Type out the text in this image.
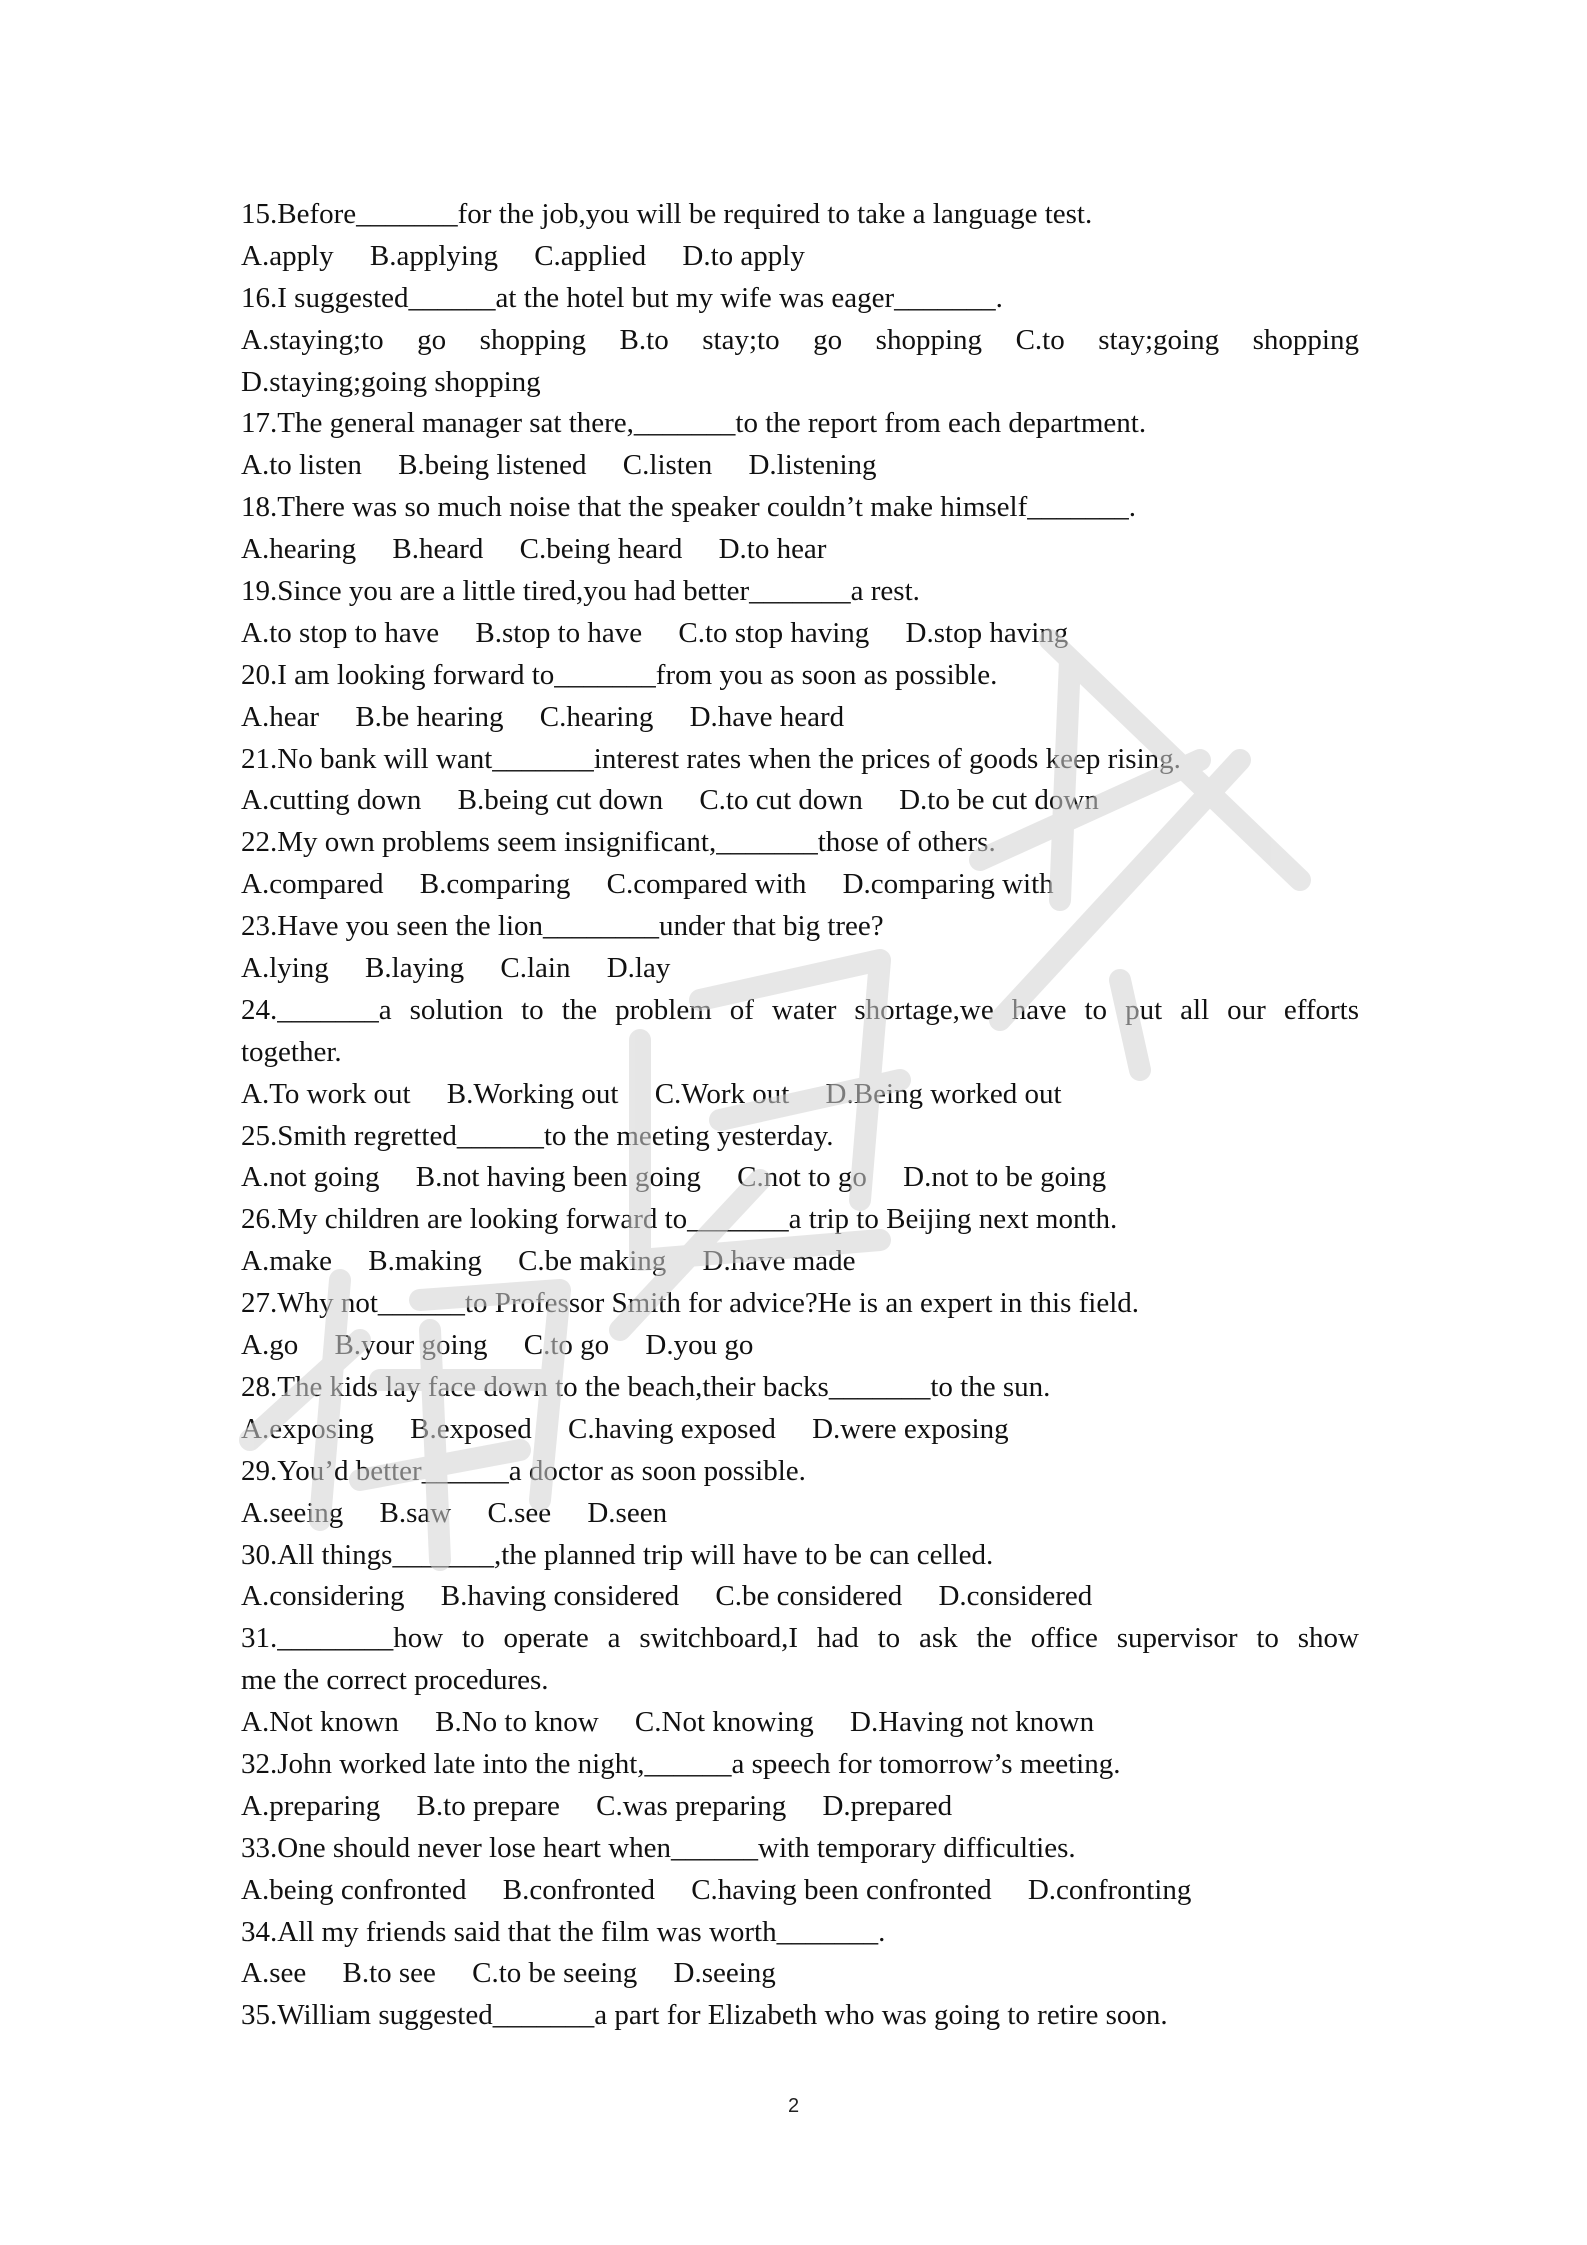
15.Before_______for the job,you will be required to take a language test.
A.apply     B.applying     C.applied     D.to apply
16.I suggested______at the hotel but my wife was eager_______.
A.staying;to go shopping B.to stay;to go shopping C.to stay;going shopping
D.staying;going shopping
17.The general manager sat there,_______to the report from each department.
A.to listen     B.being listened     C.listen     D.listening
18.There was so much noise that the speaker couldn’t make himself_______.
A.hearing     B.heard     C.being heard     D.to hear
19.Since you are a little tired,you had better_______a rest.
A.to stop to have     B.stop to have     C.to stop having     D.stop having
20.I am looking forward to_______from you as soon as possible.
A.hear     B.be hearing     C.hearing     D.have heard
21.No bank will want_______interest rates when the prices of goods keep rising.
A.cutting down     B.being cut down     C.to cut down     D.to be cut down
22.My own problems seem insignificant,_______those of others.
A.compared     B.comparing     C.compared with     D.comparing with
23.Have you seen the lion________under that big tree?
A.lying     B.laying     C.lain     D.lay
24._______a solution to the problem of water shortage,we have to put all our efforts
together.
A.To work out     B.Working out     C.Work out     D.Being worked out
25.Smith regretted______to the meeting yesterday.
A.not going     B.not having been going     C.not to go     D.not to be going
26.My children are looking forward to_______a trip to Beijing next month.
A.make     B.making     C.be making     D.have made
27.Why not______to Professor Smith for advice?He is an expert in this field.
A.go     B.your going     C.to go     D.you go
28.The kids lay face down to the beach,their backs_______to the sun.
A.exposing     B.exposed     C.having exposed     D.were exposing
29.You’d better______a doctor as soon possible.
A.seeing     B.saw     C.see     D.seen
30.All things_______,the planned trip will have to be can celled.
A.considering     B.having considered     C.be considered     D.considered
31.________how to operate a switchboard,I had to ask the office supervisor to show
me the correct procedures.
A.Not known     B.No to know     C.Not knowing     D.Having not known
32.John worked late into the night,______a speech for tomorrow’s meeting.
A.preparing     B.to prepare     C.was preparing     D.prepared
33.One should never lose heart when______with temporary difficulties.
A.being confronted     B.confronted     C.having been confronted     D.confronting
34.All my friends said that the film was worth_______.
A.see     B.to see     C.to be seeing     D.seeing
35.William suggested_______a part for Elizabeth who was going to retire soon.
2
